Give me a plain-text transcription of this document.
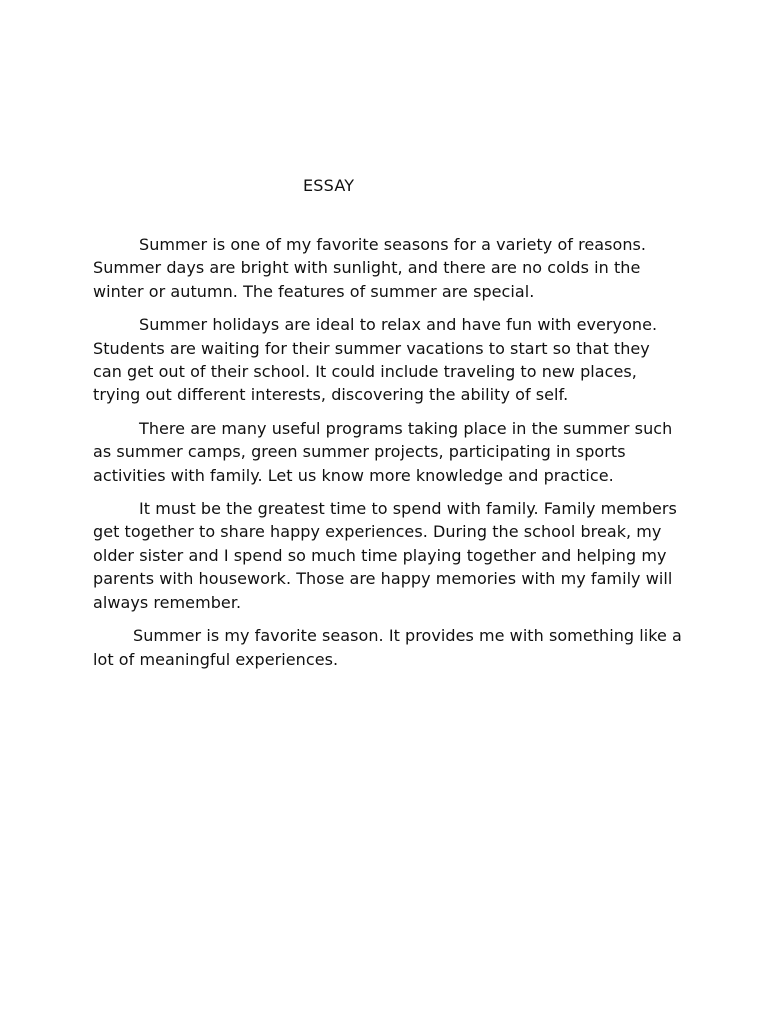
ESSAY

Summer is one of my favorite seasons for a variety of reasons. Summer days are bright with sunlight, and there are no colds in the winter or autumn. The features of summer are special.

Summer holidays are ideal to relax and have fun with everyone. Students are waiting for their summer vacations to start so that they can get out of their school. It could include traveling to new places, trying out different interests, discovering the ability of self.

There are many useful programs taking place in the summer such as summer camps, green summer projects, participating in sports activities with family. Let us know more knowledge and practice.

It must be the greatest time to spend with family. Family members get together to share happy experiences. During the school break, my older sister and I spend so much time playing together and helping my parents with housework. Those are happy memories with my family will always remember.

Summer is my favorite season. It provides me with something like a lot of meaningful experiences.
